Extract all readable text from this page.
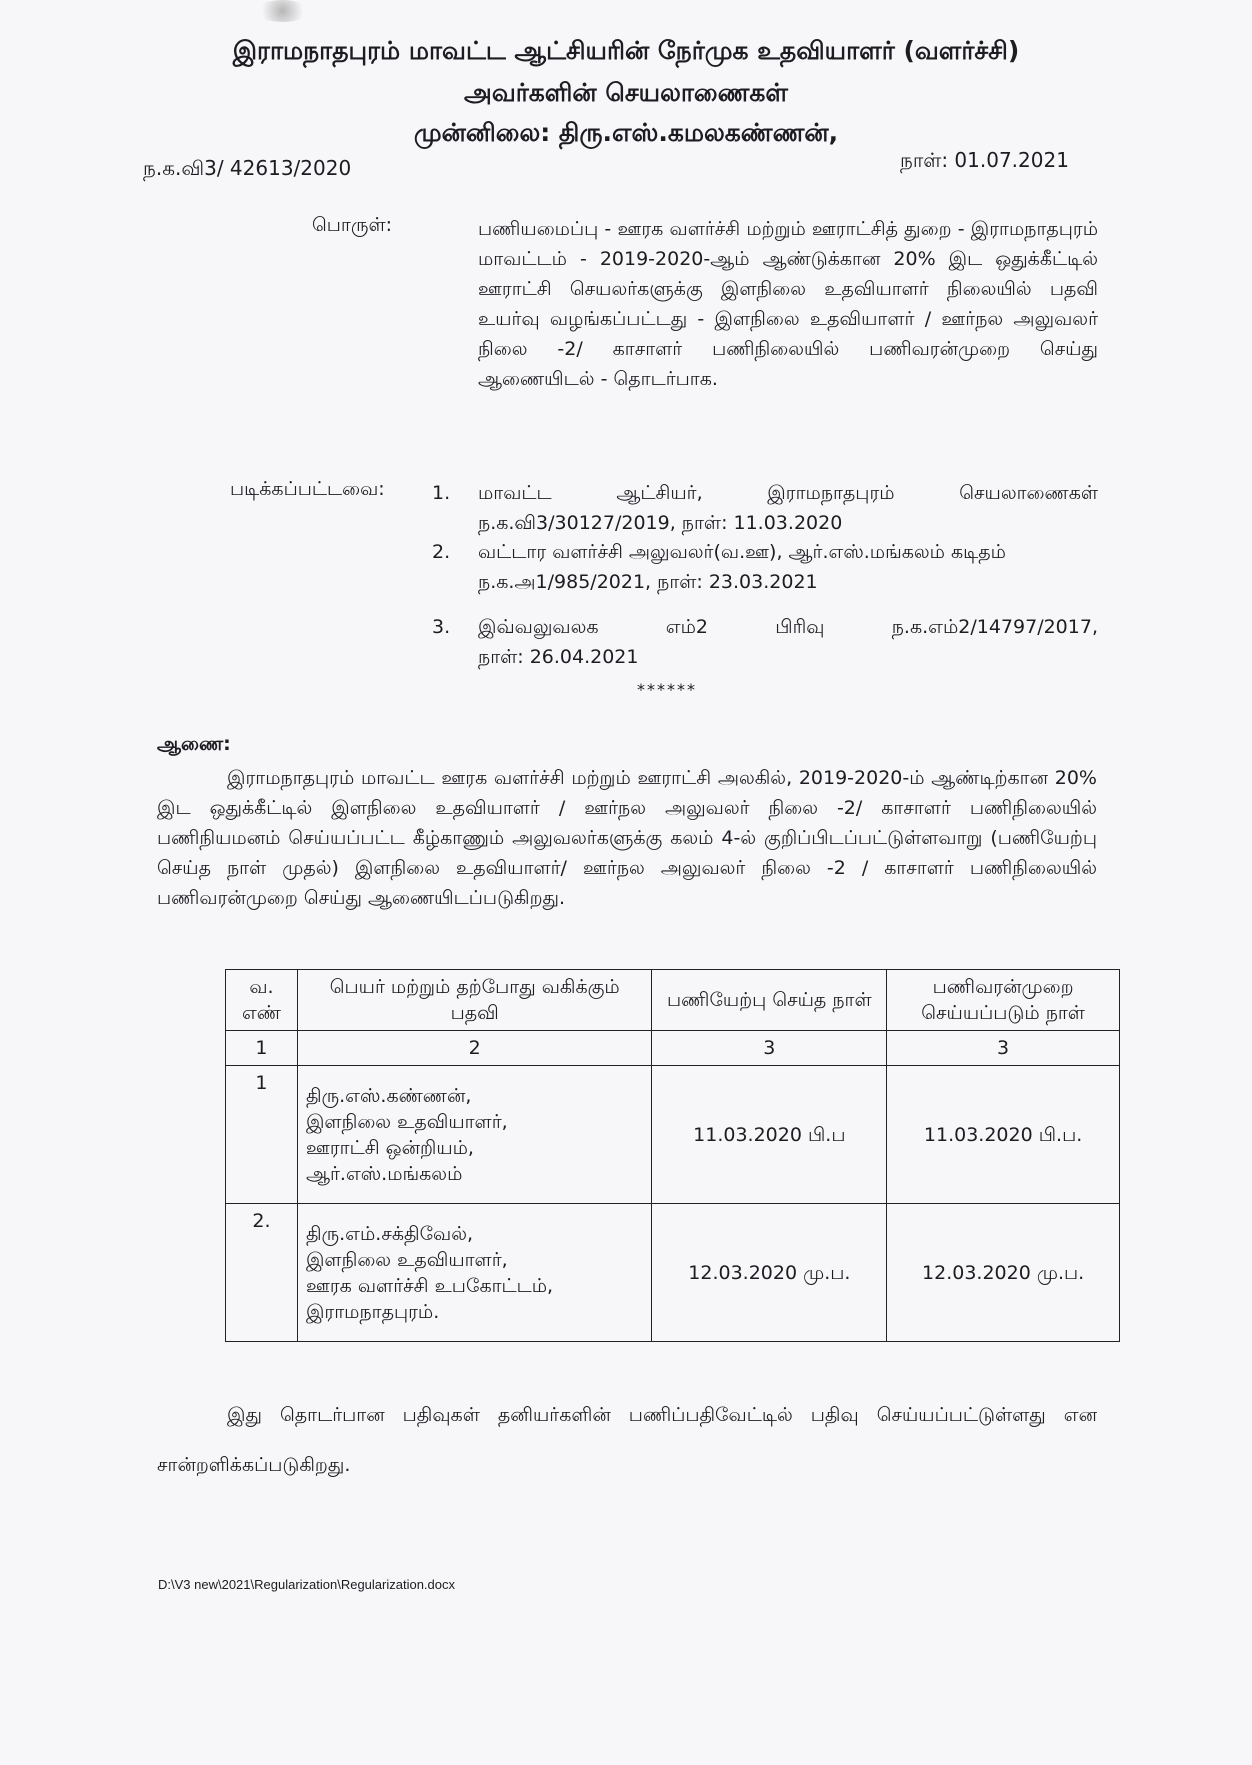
இராமநாதபுரம் மாவட்ட ஆட்சியரின் நேர்முக உதவியாளர் (வளர்ச்சி)
அவர்களின் செயலாணைகள்
முன்னிலை: திரு.எஸ்.கமலகண்ணன்,
ந.க.வி3/ 42613/2020	நாள்: 01.07.2021
பொருள்:	பணியமைப்பு - ஊரக வளர்ச்சி மற்றும் ஊராட்சித் துறை - இராமநாதபுரம் மாவட்டம் - 2019-2020-ஆம் ஆண்டுக்கான 20% இட ஒதுக்கீட்டில் ஊராட்சி செயலர்களுக்கு இளநிலை உதவியாளர் நிலையில் பதவி உயர்வு வழங்கப்பட்டது - இளநிலை உதவியாளர் / ஊர்நல அலுவலர் நிலை -2/ காசாளர் பணிநிலையில் பணிவரன்முறை செய்து ஆணையிடல் - தொடர்பாக.
படிக்கப்பட்டவை: 1. மாவட்ட ஆட்சியர், இராமநாதபுரம் செயலாணைகள்
ந.க.வி3/30127/2019, நாள்: 11.03.2020
2. வட்டார வளர்ச்சி அலுவலர்(வ.ஊ), ஆர்.எஸ்.மங்கலம் கடிதம்
ந.க.அ1/985/2021, நாள்: 23.03.2021
3. இவ்வலுவலக எம்2 பிரிவு ந.க.எம்2/14797/2017,
நாள்: 26.04.2021
******
ஆணை:
இராமநாதபுரம் மாவட்ட ஊரக வளர்ச்சி மற்றும் ஊராட்சி அலகில், 2019-2020-ம் ஆண்டிற்கான 20% இட ஒதுக்கீட்டில் இளநிலை உதவியாளர் / ஊர்நல அலுவலர் நிலை -2/ காசாளர் பணிநிலையில் பணிநியமனம் செய்யப்பட்ட கீழ்காணும் அலுவலர்களுக்கு கலம் 4-ல் குறிப்பிடப்பட்டுள்ளவாறு (பணியேற்பு செய்த நாள் முதல்) இளநிலை உதவியாளர்/ ஊர்நல அலுவலர் நிலை -2 / காசாளர் பணிநிலையில் பணிவரன்முறை செய்து ஆணையிடப்படுகிறது.
வ. எண்	பெயர் மற்றும் தற்போது வகிக்கும் பதவி	பணியேற்பு செய்த நாள்	பணிவரன்முறை செய்யப்படும் நாள்
1	2	3	3
1	திரு.எஸ்.கண்ணன்,
இளநிலை உதவியாளர்,
ஊராட்சி ஒன்றியம்,
ஆர்.எஸ்.மங்கலம்	11.03.2020 பி.ப	11.03.2020 பி.ப.
2.	திரு.எம்.சக்திவேல்,
இளநிலை உதவியாளர்,
ஊரக வளர்ச்சி உபகோட்டம்,
இராமநாதபுரம்.	12.03.2020 மு.ப.	12.03.2020 மு.ப.
இது தொடர்பான பதிவுகள் தனியர்களின் பணிப்பதிவேட்டில் பதிவு செய்யப்பட்டுள்ளது என சான்றளிக்கப்படுகிறது.
D:\V3 new\2021\Regularization\Regularization.docx
